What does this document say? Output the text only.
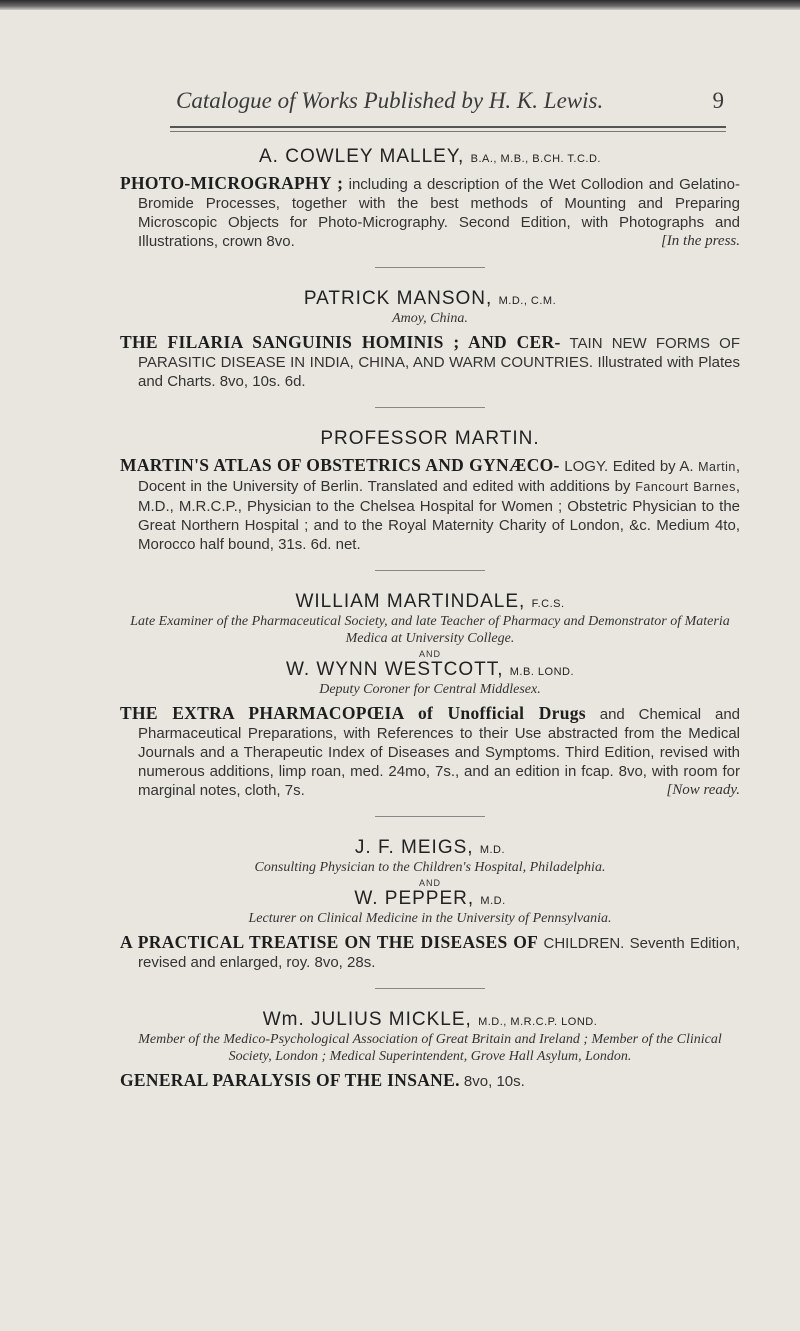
Catalogue of Works Published by H. K. Lewis.	9

A. COWLEY MALLEY, B.A., M.B., B.CH. T.C.D.

PHOTO-MICROGRAPHY ; including a description of the Wet Collodion and Gelatino-Bromide Processes, together with the best methods of Mounting and Preparing Microscopic Objects for Photo-Micrography. Second Edition, with Photographs and Illustrations, crown 8vo.	[In the press.

PATRICK MANSON, M.D., C.M.

Amoy, China.

THE FILARIA SANGUINIS HOMINIS ; AND CER- TAIN NEW FORMS OF PARASITIC DISEASE IN INDIA, CHINA, AND WARM COUNTRIES. Illustrated with Plates and Charts. 8vo, 10s. 6d.

PROFESSOR MARTIN.

MARTIN'S ATLAS OF OBSTETRICS AND GYNÆCO- LOGY. Edited by A. Martin, Docent in the University of Berlin. Translated and edited with additions by Fancourt Barnes, M.D., M.R.C.P., Physician to the Chelsea Hospital for Women ; Obstetric Physician to the Great Northern Hospital ; and to the Royal Maternity Charity of London, &c. Medium 4to, Morocco half bound, 31s. 6d. net.

WILLIAM MARTINDALE, F.C.S.

Late Examiner of the Pharmaceutical Society, and late Teacher of Pharmacy and Demonstrator of Materia Medica at University College.

AND

W. WYNN WESTCOTT, M.B. LOND.

Deputy Coroner for Central Middlesex.

THE EXTRA PHARMACOPŒIA of Unofficial Drugs and Chemical and Pharmaceutical Preparations, with References to their Use abstracted from the Medical Journals and a Therapeutic Index of Diseases and Symptoms. Third Edition, revised with numerous additions, limp roan, med. 24mo, 7s., and an edition in fcap. 8vo, with room for marginal notes, cloth, 7s.	[Now ready.

J. F. MEIGS, M.D.

Consulting Physician to the Children's Hospital, Philadelphia.

AND

W. PEPPER, M.D.

Lecturer on Clinical Medicine in the University of Pennsylvania.

A PRACTICAL TREATISE ON THE DISEASES OF CHILDREN. Seventh Edition, revised and enlarged, roy. 8vo, 28s.

Wm. JULIUS MICKLE, M.D., M.R.C.P. LOND.

Member of the Medico-Psychological Association of Great Britain and Ireland ; Member of the Clinical Society, London ; Medical Superintendent, Grove Hall Asylum, London.

GENERAL PARALYSIS OF THE INSANE. 8vo, 10s.
